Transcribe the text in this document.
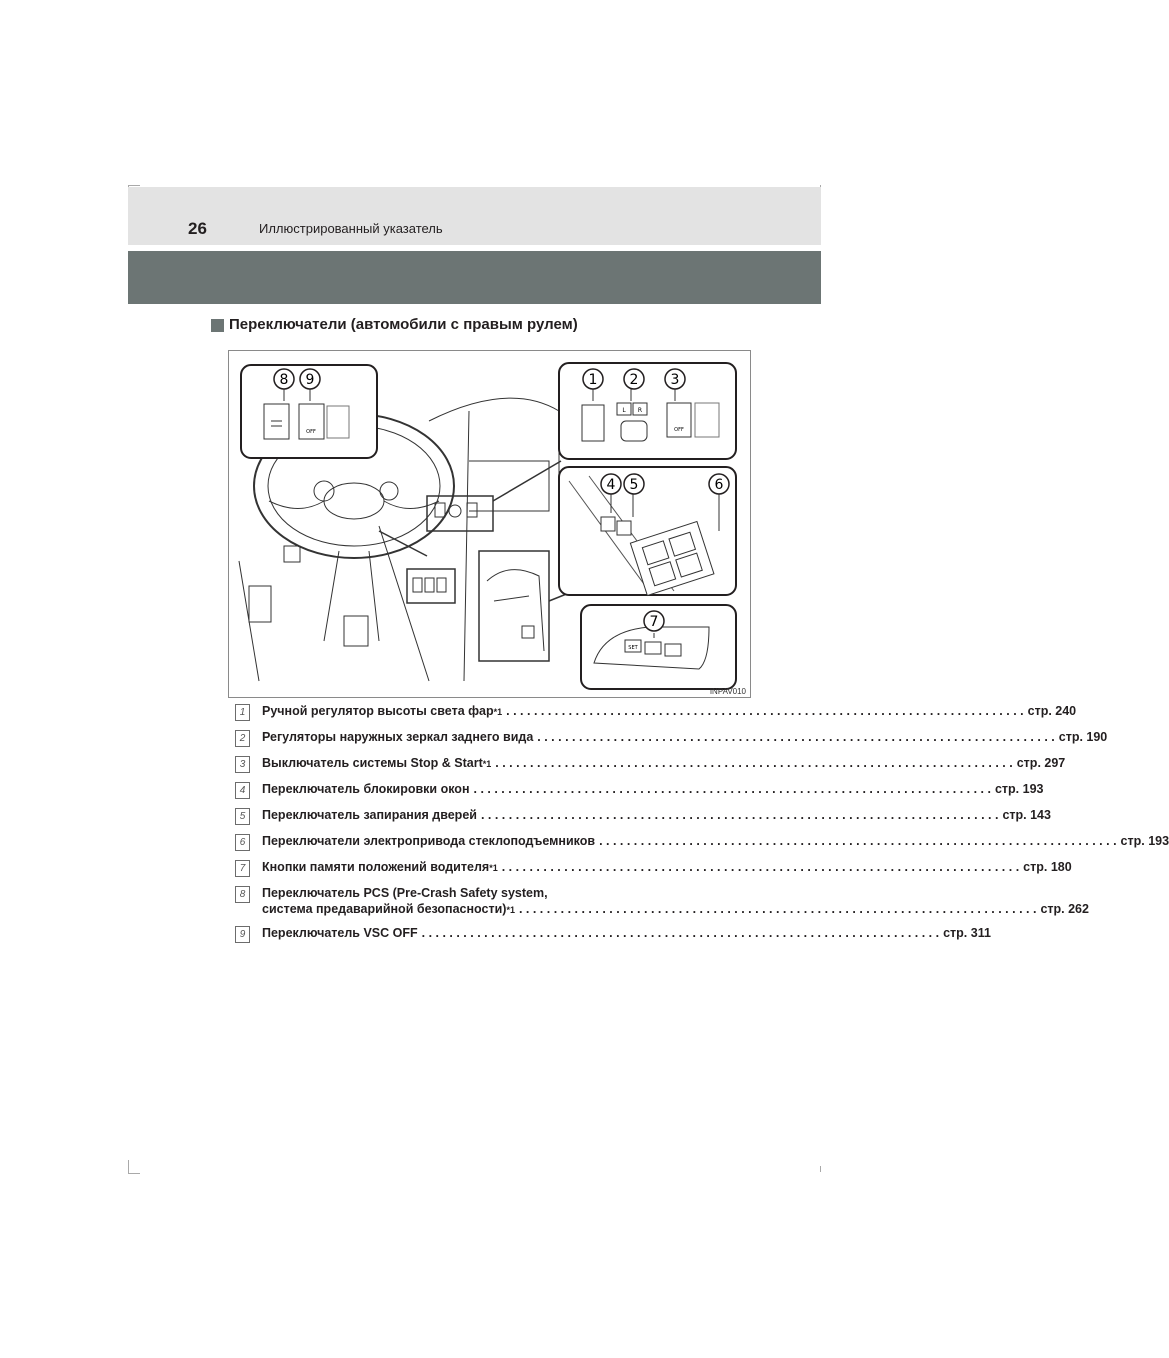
26	Иллюстрированный указатель
Переключатели (автомобили с правым рулем)
OFF
L R
OFF
SET
8 9	1 2 3
4 5	6
7
INPAV010
1	Ручной регулятор высоты света фар *1 . . .	стр. 240
2	Регуляторы наружных зеркал заднего вида . . .	стр. 190
3	Выключатель системы Stop & Start *1 . . .	стр. 297
4	Переключатель блокировки окон . . .	стр. 193
5	Переключатель запирания дверей . . .	стр. 143
6	Переключатели электропривода стеклоподъемников . . .	стр. 193
7	Кнопки памяти положений водителя *1 . . .	стр. 180
8	Переключатель PCS (Pre-Crash Safety system,
система предаварийной безопасности) *1 . . .	стр. 262
9	Переключатель VSC OFF . . .	стр. 311
